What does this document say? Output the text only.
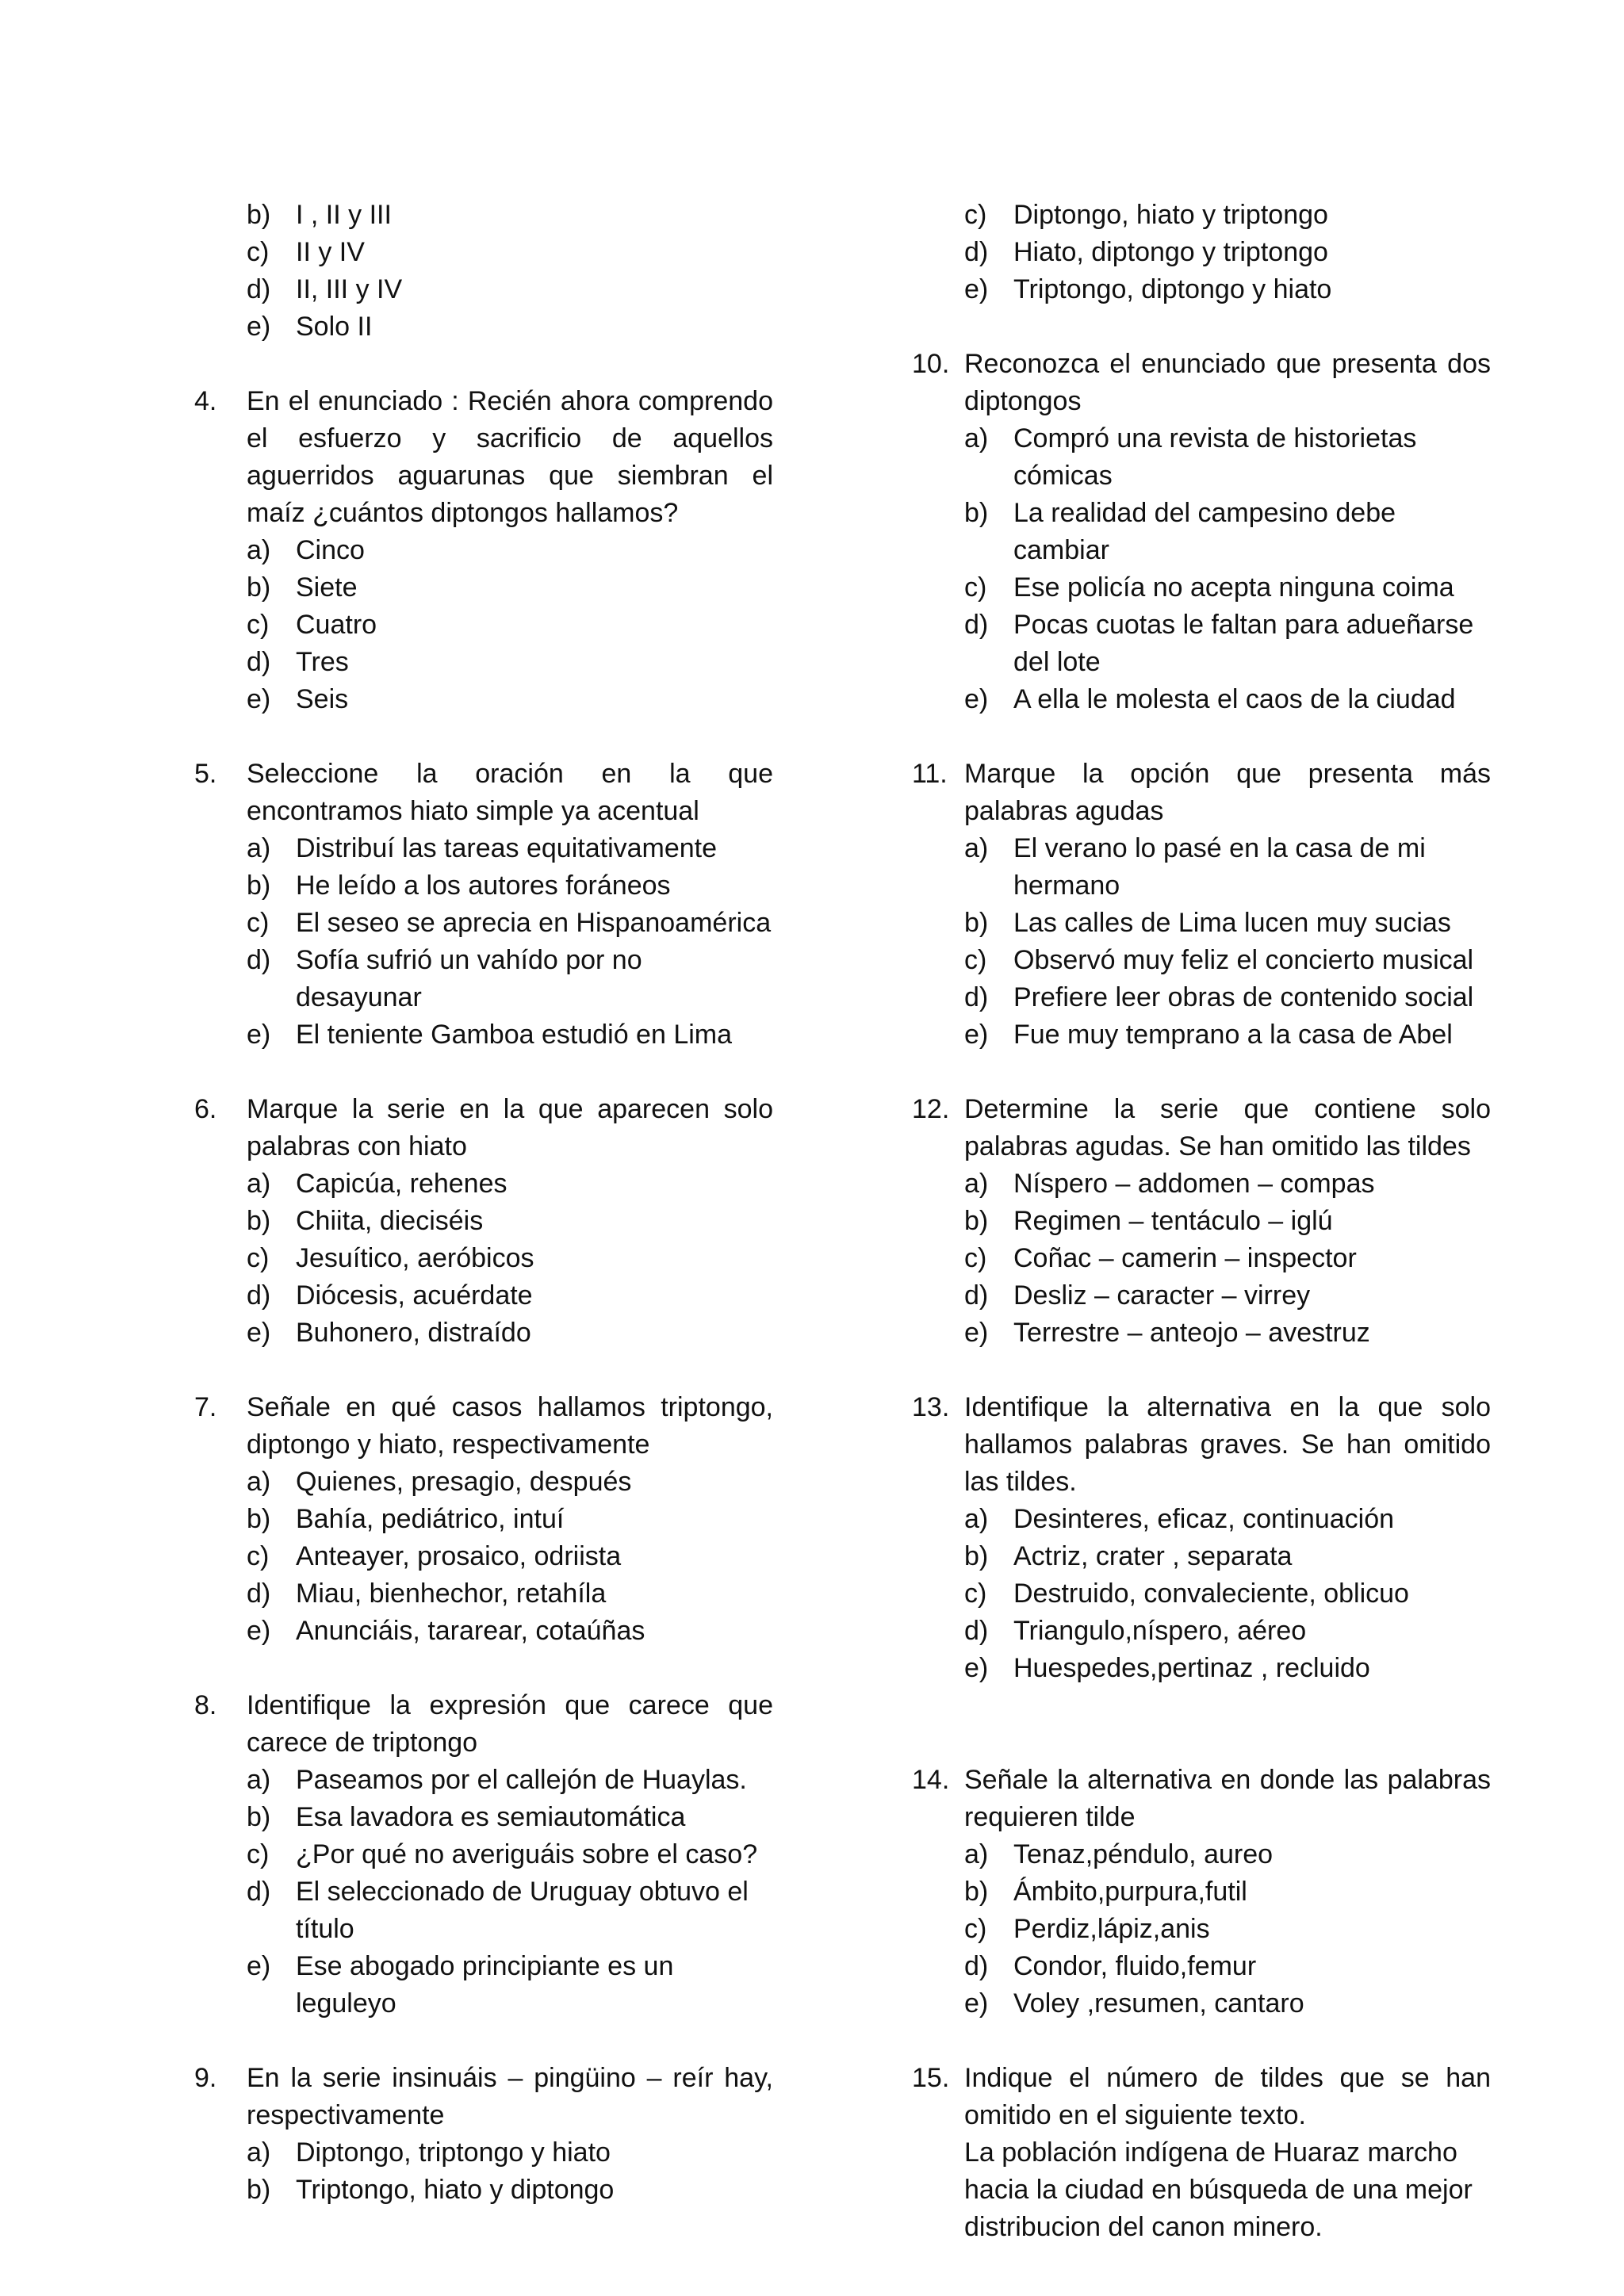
b) I , II y III
c) II y IV
d) II, III y IV
e) Solo II
4. En el enunciado : Recién ahora comprendo el esfuerzo y sacrificio de aquellos aguerridos aguarunas que siembran el maíz ¿cuántos diptongos hallamos?
a) Cinco
b) Siete
c) Cuatro
d) Tres
e) Seis
5. Seleccione la oración en la que encontramos hiato simple ya acentual
a) Distribuí las tareas equitativamente
b) He leído a los autores foráneos
c) El seseo se aprecia en Hispanoamérica
d) Sofía sufrió un vahído por no desayunar
e) El teniente Gamboa estudió en Lima
6. Marque la serie en la que aparecen solo palabras con hiato
a) Capicúa, rehenes
b) Chiita, dieciséis
c) Jesuítico, aeróbicos
d) Diócesis, acuérdate
e) Buhonero, distraído
7. Señale en qué casos hallamos triptongo, diptongo y hiato, respectivamente
a) Quienes, presagio, después
b) Bahía, pediátrico, intuí
c) Anteayer, prosaico, odriista
d) Miau, bienhechor, retahíla
e) Anunciáis, tararear, cotaúñas
8. Identifique la expresión que carece que carece de triptongo
a) Paseamos por el callejón de Huaylas.
b) Esa lavadora es semiautomática
c) ¿Por qué no averiguáis sobre el caso?
d) El seleccionado de Uruguay obtuvo el título
e) Ese abogado principiante es un leguleyo
9. En la serie insinuáis – pingüino – reír hay, respectivamente
a) Diptongo, triptongo y hiato
b) Triptongo, hiato y diptongo
c) Diptongo, hiato y triptongo
d) Hiato, diptongo y triptongo
e) Triptongo, diptongo y hiato
10. Reconozca el enunciado que presenta dos diptongos
a) Compró una revista de historietas cómicas
b) La realidad del campesino debe cambiar
c) Ese policía no acepta ninguna coima
d) Pocas cuotas le faltan para adueñarse del lote
e) A ella le molesta el caos de la ciudad
11. Marque la opción que presenta más palabras agudas
a) El verano lo pasé en la casa de mi hermano
b) Las calles de Lima lucen muy sucias
c) Observó muy feliz el concierto musical
d) Prefiere leer obras de contenido social
e) Fue muy temprano a la casa de Abel
12. Determine la serie que contiene solo palabras agudas. Se han omitido las tildes
a) Níspero – addomen – compas
b) Regimen – tentáculo – iglú
c) Coñac – camerin – inspector
d) Desliz – caracter – virrey
e) Terrestre – anteojo – avestruz
13. Identifique la alternativa en la que solo hallamos palabras graves. Se han omitido las tildes.
a) Desinteres, eficaz, continuación
b) Actriz, crater , separata
c) Destruido, convaleciente, oblicuo
d) Triangulo,níspero, aéreo
e) Huespedes,pertinaz , recluido
14. Señale la alternativa en donde las palabras requieren tilde
a) Tenaz,péndulo, aureo
b) Ámbito,purpura,futil
c) Perdiz,lápiz,anis
d) Condor, fluido,femur
e) Voley ,resumen, cantaro
15. Indique el número de tildes que se han omitido en el siguiente texto.
La población indígena de Huaraz marcho hacia la ciudad en búsqueda de una mejor distribucion del canon minero.
